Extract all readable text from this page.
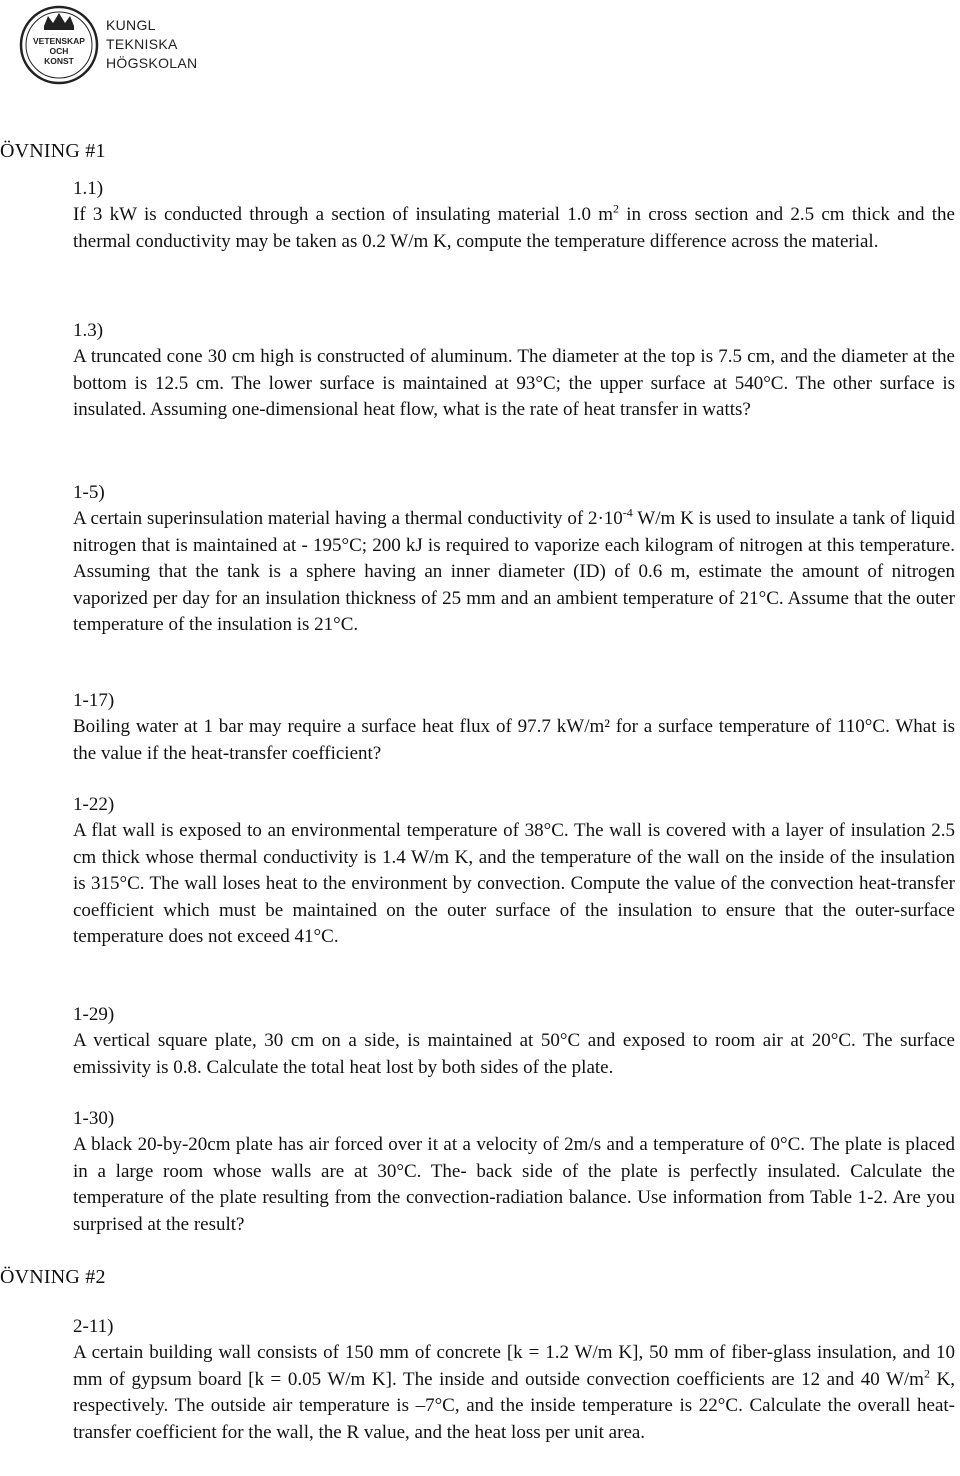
VETENSKAP
OCH
KONST
KUNGL
TEKNISKA
HÖGSKOLAN
ÖVNING #1
1.1)

If 3 kW is conducted through a section of insulating material 1.0 $m^2$ in cross section and 2.5 cm thick and the thermal conductivity may be taken as 0.2 W/m K, compute the temperature difference across the material.

1.3)

A truncated cone 30 cm high is constructed of aluminum. The diameter at the top is 7.5 cm, and the diameter at the bottom is 12.5 cm. The lower surface is maintained at 93°C; the upper surface at 540°C. The other surface is insulated. Assuming one-dimensional heat flow, what is the rate of heat transfer in watts?

1-5)

A certain superinsulation material having a thermal conductivity of $2\cdot 10^{-4}$ W/m K is used to insulate a tank of liquid nitrogen that is maintained at - 195°C; 200 kJ is required to vaporize each kilogram of nitrogen at this temperature. Assuming that the tank is a sphere having an inner diameter (ID) of 0.6 m, estimate the amount of nitrogen vaporized per day for an insulation thickness of 25 mm and an ambient temperature of 21°C. Assume that the outer temperature of the insulation is 21°C.

1-17)

Boiling water at 1 bar may require a surface heat flux of 97.7 kW/m² for a surface temperature of 110°C. What is the value if the heat-transfer coefficient?

1-22)

A flat wall is exposed to an environmental temperature of 38°C. The wall is covered with a layer of insulation 2.5 cm thick whose thermal conductivity is 1.4 W/m K, and the temperature of the wall on the inside of the insulation is 315°C. The wall loses heat to the environment by convection. Compute the value of the convection heat-transfer coefficient which must be maintained on the outer surface of the insulation to ensure that the outer-surface temperature does not exceed 41°C.

1-29)

A vertical square plate, 30 cm on a side, is maintained at 50°C and exposed to room air at 20°C. The surface emissivity is 0.8. Calculate the total heat lost by both sides of the plate.

1-30)

A black 20-by-20cm plate has air forced over it at a velocity of 2m/s and a temperature of 0°C. The plate is placed in a large room whose walls are at 30°C. The- back side of the plate is perfectly insulated. Calculate the temperature of the plate resulting from the convection-radiation balance. Use information from Table 1-2. Are you surprised at the result?

ÖVNING #2
2-11)

A certain building wall consists of 150 mm of concrete [k = 1.2 W/m K], 50 mm of fiber-glass insulation, and 10 mm of gypsum board [k = 0.05 W/m K]. The inside and outside convection coefficients are 12 and 40 $W/m^2$ K, respectively. The outside air temperature is –7°C, and the inside temperature is 22°C. Calculate the overall heat-transfer coefficient for the wall, the R value, and the heat loss per unit area.
